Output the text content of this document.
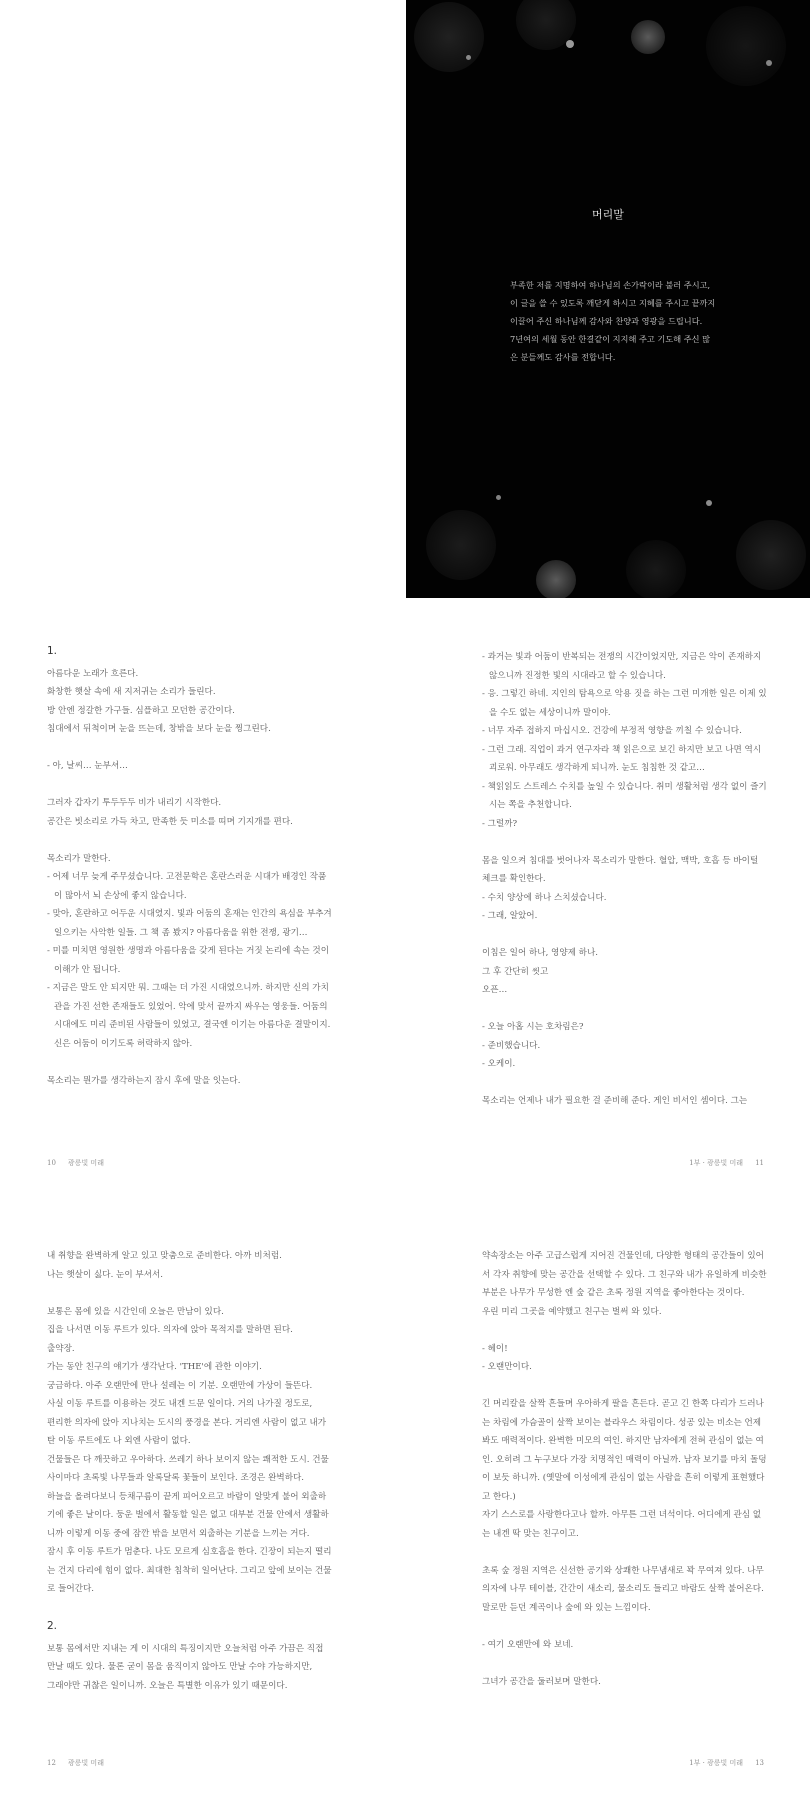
머리말

부족한 저를 지명하여 하나님의 손가락이라 불러 주시고,

이 글을 쓸 수 있도록 깨닫게 하시고 지혜를 주시고 끝까지

이끌어 주신 하나님께 감사와 찬양과 영광을 드립니다.

7년여의 세월 동안 한결같이 지지해 주고 기도해 주신 많

은 분들께도 감사를 전합니다.

1.

아름다운 노래가 흐른다.

화창한 햇살 속에 새 지저귀는 소리가 들린다.

방 안엔 정갈한 가구들. 심플하고 모던한 공간이다.

침대에서 뒤척이며 눈을 뜨는데, 창밖을 보다 눈을 찡그린다.

- 아, 날씨… 눈부셔…

그러자 갑자기 투두두두 비가 내리기 시작한다.

공간은 빗소리로 가득 차고, 만족한 듯 미소를 띠며 기지개를 편다.

목소리가 말한다.

- 어제 너무 늦게 주무셨습니다. 고전문학은 혼란스러운 시대가 배경인 작품이 많아서 뇌 손상에 좋지 않습니다.

- 맞아, 혼란하고 어두운 시대였지. 빛과 어둠의 혼재는 인간의 욕심을 부추겨 일으키는 사악한 일들. 그 책 좀 봤지? 아름다움을 위한 전쟁, 광기…

- 미를 미치면 영원한 생명과 아름다움을 갖게 된다는 거짓 논리에 속는 것이 이해가 안 됩니다.

- 지금은 말도 안 되지만 뭐. 그때는 더 가진 시대였으니까. 하지만 신의 가치관을 가진 선한 존재들도 있었어. 악에 맞서 끝까지 싸우는 영웅들. 어둠의 시대에도 미리 준비된 사람들이 있었고, 결국엔 이기는 아름다운 결말이지. 신은 어둠이 이기도록 허락하지 않아.

목소리는 뭔가를 생각하는지 잠시 후에 말을 잇는다.

10 광릉빛 미래

- 과거는 빛과 어둠이 반복되는 전쟁의 시간이었지만, 지금은 악이 존재하지 않으니까 진정한 빛의 시대라고 할 수 있습니다.

- 응. 그렇긴 하네. 지인의 탐욕으로 악용 짓을 하는 그런 미개한 일은 이제 있을 수도 없는 세상이니까 말이야.

- 너무 자주 접하지 마십시오. 건강에 부정적 영향을 끼칠 수 있습니다.

- 그런 그래. 직업이 과거 연구자라 책 읽은으로 보긴 하지만 보고 나면 역시 괴로워. 아무래도 생각하게 되니까. 눈도 침침한 것 같고…

- 책읽읽도 스트레스 수치를 높일 수 있습니다. 취미 생활처럼 생각 없이 즐기시는 쪽을 추천합니다.

- 그럴까?

몸을 일으켜 침대를 벗어나자 목소리가 말한다. 혈압, 맥박, 호흡 등 바이털 체크를 확인한다.

- 수치 양상에 하나 스치셨습니다.

- 그래, 알았어.

이침은 일어 하나, 영양제 하나.

그 후 간단히 씻고

오픈…

- 오늘 아홉 시는 호차림은?

- 준비했습니다.

- 오케이.

목소리는 언제나 내가 필요한 걸 준비해 준다. 게인 비서인 셈이다. 그는

1부 · 광릉빛 미래 11

내 취향을 완벽하게 알고 있고 맞춤으로 준비한다. 아까 비처럼.

나는 햇살이 싫다. 눈이 부셔서.

보통은 몸에 있을 시간인데 오늘은 만남이 있다.

집을 나서면 이동 루트가 있다. 의자에 앉아 목적지를 말하면 된다.

출약장.

가는 동안 친구의 얘기가 생각난다. 'THE'에 관한 이야기.

궁금하다. 아주 오랜만에 만나 설레는 이 기분. 오랜만에 가상이 들뜬다.

사실 이동 루트를 이용하는 것도 내겐 드문 일이다. 거의 나가질 정도로,

편리한 의자에 앉아 지나치는 도시의 풍경을 본다. 거리엔 사람이 없고 내가 탄 이동 루트에도 나 외엔 사람이 없다.

건물들은 다 깨끗하고 우아하다. 쓰레기 하나 보이지 않는 쾌적한 도시. 건물 사이마다 초록빛 나무들과 알록달록 꽃들이 보인다. 조경은 완벽하다.

하늘을 올려다보니 등채구름이 끝게 피어오르고 바람이 알맞게 불어 외출하기에 좋은 날이다. 둥운 벌에서 활동할 일은 없고 대부분 건물 안에서 생활하니까 이렇게 이동 중에 잠깐 밖을 보면서 외출하는 기분을 느끼는 거다.

잠시 후 이동 루트가 멈춘다. 나도 모르게 심호흡을 한다. 긴장이 되는지 떨리는 건지 다리에 힘이 없다. 최대한 침착히 일어난다. 그리고 앞에 보이는 건물로 들어간다.

2.

보통 몸에서만 지내는 게 이 시대의 특징이지만 오늘처럼 아주 가끔은 직접 만날 때도 있다. 물론 굳이 몸을 움직이지 않아도 만날 수야 가능하지만,

그래야만 귀찮은 일이니까. 오늘은 특별한 이유가 있기 때문이다.

12 광릉빛 미래

약속장소는 아주 고급스럽게 지어진 건물인데, 다양한 형태의 공간들이 있어서 각자 취향에 맞는 공간을 선택할 수 있다. 그 친구와 내가 유일하게 비슷한 부분은 나무가 무성한 엔 숲 같은 초록 정원 지역을 좋아한다는 것이다.

우린 미리 그곳을 예약했고 친구는 벌써 와 있다.

- 헤이!

- 오랜만이다.

긴 머리칼을 살짝 흔들며 우아하게 팔을 흔든다. 곧고 긴 한쪽 다리가 드러나는 차림에 가슴골이 살짝 보이는 블라우스 차림이다. 성공 있는 비소는 언제 봐도 매력적이다. 완벽한 미모의 여인. 하지만 남자에게 전혀 관심이 없는 여인. 오히려 그 누구보다 가장 치명적인 매력이 아닐까. 남자 보기를 마치 돌덩이 보듯 하니까. (옛말에 이성에게 관심이 없는 사람을 흔히 이렇게 표현했다고 한다.)

자기 스스로를 사랑한다고나 할까. 아무튼 그런 녀석이다. 어디에게 관심 없는 내겐 딱 맞는 친구이고.

초록 숲 정원 지역은 신선한 공기와 상쾌한 나무냄새로 꽉 무여져 있다. 나무 의자에 나무 테이블, 간간이 새소리, 물소리도 들리고 바람도 살짝 불어온다. 말로만 듣던 계곡이나 숲에 와 있는 느낌이다.

- 여기 오랜만에 와 보네.

그녀가 공간을 둘러보며 말한다.

1부 · 광릉빛 미래 13
